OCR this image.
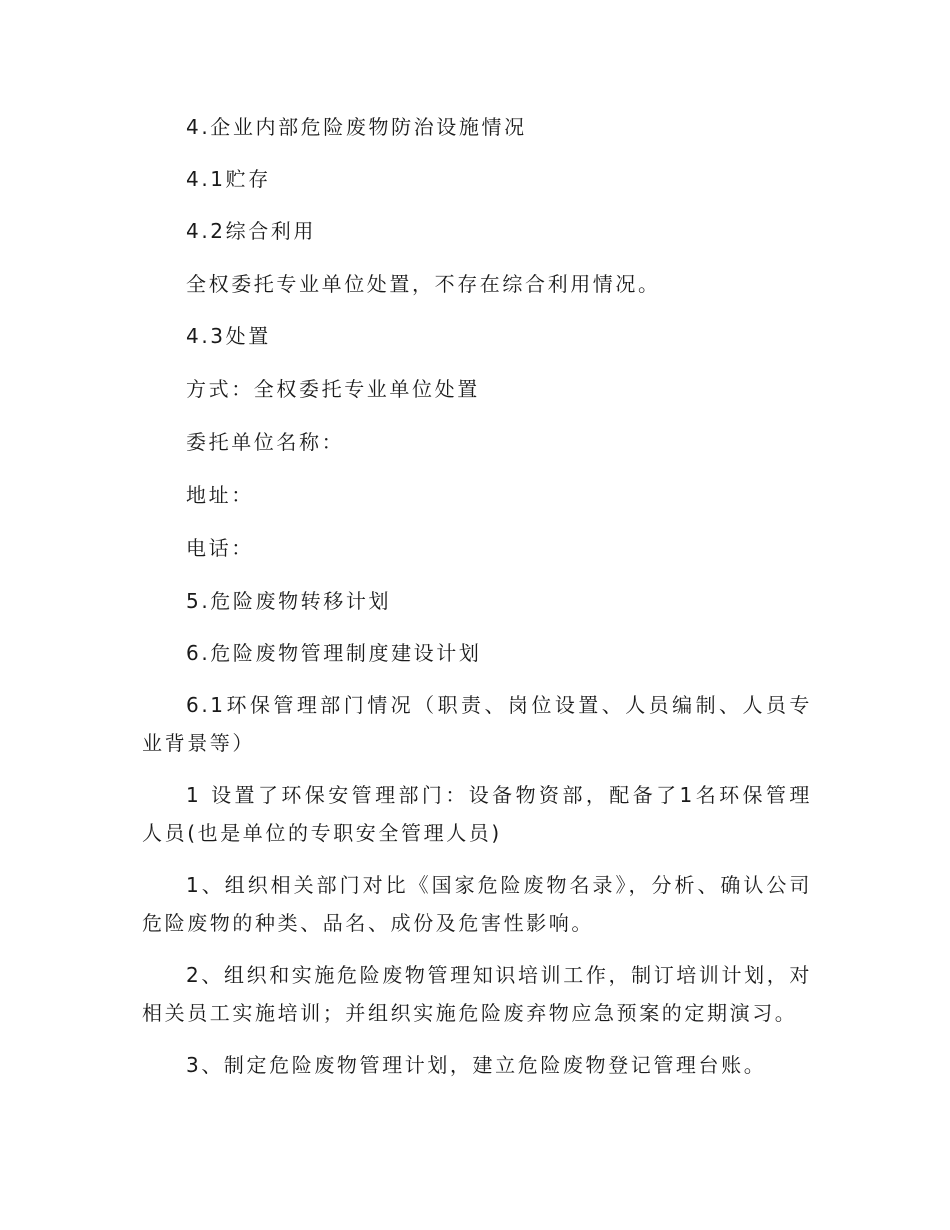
4.企业内部危险废物防治设施情况
4.1贮存
4.2综合利用
全权委托专业单位处置，不存在综合利用情况。
4.3处置
方式：全权委托专业单位处置
委托单位名称：
地址：
电话：
5.危险废物转移计划
6.危险废物管理制度建设计划
6.1环保管理部门情况（职责、岗位设置、人员编制、人员专业背景等）
1 设置了环保安管理部门：设备物资部，配备了1名环保管理人员(也是单位的专职安全管理人员)
1、组织相关部门对比《国家危险废物名录》，分析、确认公司危险废物的种类、品名、成份及危害性影响。
2、组织和实施危险废物管理知识培训工作，制订培训计划，对相关员工实施培训；并组织实施危险废弃物应急预案的定期演习。
3、制定危险废物管理计划，建立危险废物登记管理台账。
